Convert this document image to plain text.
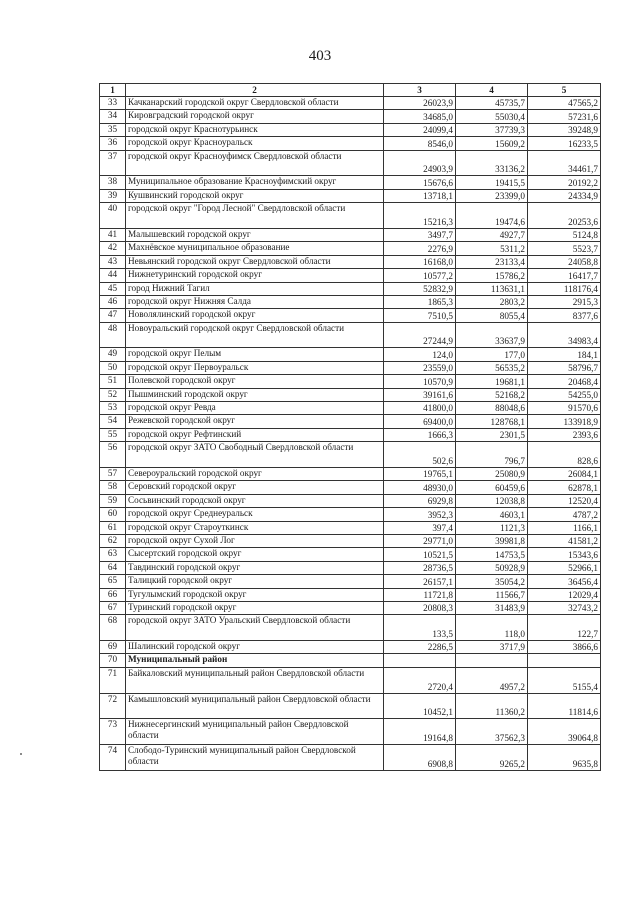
403
1	2	3	4	5
33	Качканарский городской округ Свердловской области	26023,9	45735,7	47565,2
34	Кировградский городской округ	34685,0	55030,4	57231,6
35	городской округ Краснотурьинск	24099,4	37739,3	39248,9
36	городской округ Красноуральск	8546,0	15609,2	16233,5
37	городской округ Красноуфимск Свердловской области	24903,9	33136,2	34461,7
38	Муниципальное образование Красноуфимский округ	15676,6	19415,5	20192,2
39	Кушвинский городской округ	13718,1	23399,0	24334,9
40	городской округ "Город Лесной" Свердловской области	15216,3	19474,6	20253,6
41	Малышевский городской округ	3497,7	4927,7	5124,8
42	Махнёвское муниципальное образование	2276,9	5311,2	5523,7
43	Невьянский городской округ Свердловской области	16168,0	23133,4	24058,8
44	Нижнетуринский городской округ	10577,2	15786,2	16417,7
45	город Нижний Тагил	52832,9	113631,1	118176,4
46	городской округ Нижняя Салда	1865,3	2803,2	2915,3
47	Новолялинский городской округ	7510,5	8055,4	8377,6
48	Новоуральский городской округ Свердловской области	27244,9	33637,9	34983,4
49	городской округ Пелым	124,0	177,0	184,1
50	городской округ Первоуральск	23559,0	56535,2	58796,7
51	Полевской городской округ	10570,9	19681,1	20468,4
52	Пышминский городской округ	39161,6	52168,2	54255,0
53	городской округ Ревда	41800,0	88048,6	91570,6
54	Режевской городской округ	69400,0	128768,1	133918,9
55	городской округ Рефтинский	1666,3	2301,5	2393,6
56	городской округ ЗАТО Свободный Свердловской области	502,6	796,7	828,6
57	Североуральский городской округ	19765,1	25080,9	26084,1
58	Серовский городской округ	48930,0	60459,6	62878,1
59	Сосьвинский городской округ	6929,8	12038,8	12520,4
60	городской округ Среднеуральск	3952,3	4603,1	4787,2
61	городской округ Староуткинск	397,4	1121,3	1166,1
62	городской округ Сухой Лог	29771,0	39981,8	41581,2
63	Сысертский городской округ	10521,5	14753,5	15343,6
64	Тавдинский городской округ	28736,5	50928,9	52966,1
65	Талицкий городской округ	26157,1	35054,2	36456,4
66	Тугулымский городской округ	11721,8	11566,7	12029,4
67	Туринский городской округ	20808,3	31483,9	32743,2
68	городской округ ЗАТО Уральский Свердловской области	133,5	118,0	122,7
69	Шалинский городской округ	2286,5	3717,9	3866,6
70	Муниципальный район			
71	Байкаловский муниципальный район Свердловской области	2720,4	4957,2	5155,4
72	Камышловский муниципальный район Свердловской области	10452,1	11360,2	11814,6
73	Нижнесергинский муниципальный район Свердловской области	19164,8	37562,3	39064,8
74	Слободо-Туринский муниципальный район Свердловской области	6908,8	9265,2	9635,8
